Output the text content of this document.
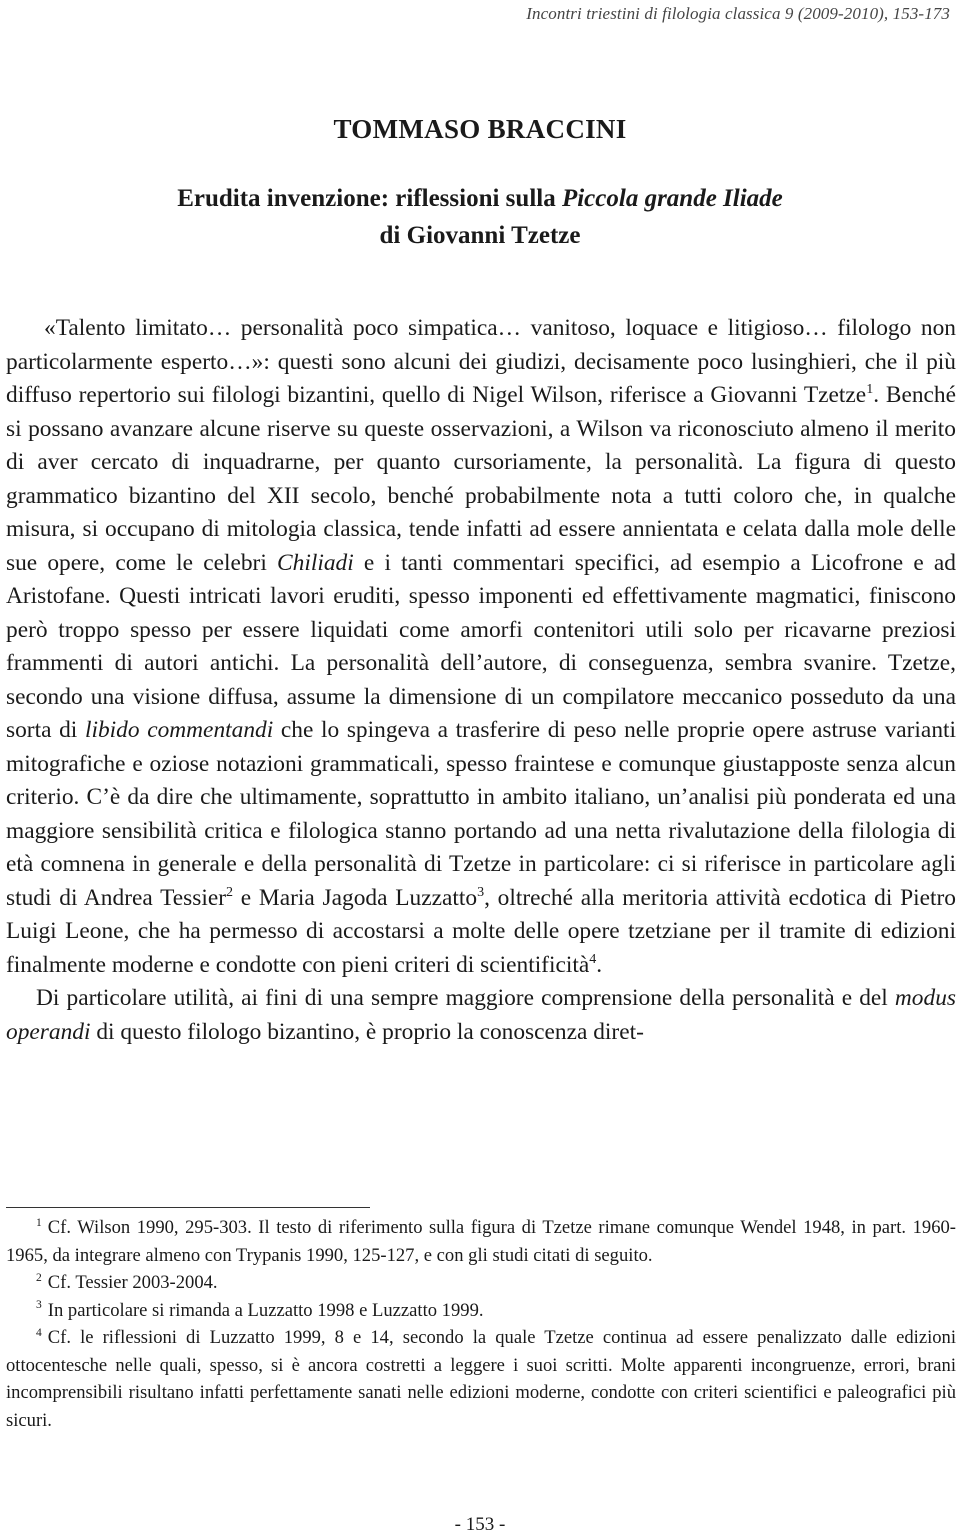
Incontri triestini di filologia classica 9 (2009-2010), 153-173
TOMMASO BRACCINI
Erudita invenzione: riflessioni sulla Piccola grande Iliade
di Giovanni Tzetze

«Talento limitato… personalità poco simpatica… vanitoso, loquace e litigioso… filologo non particolarmente esperto…»: questi sono alcuni dei giudizi, decisamente poco lusinghieri, che il più diffuso repertorio sui filologi bizantini, quello di Nigel Wilson, riferisce a Giovanni Tzetze$^1$. Benché si possano avanzare alcune riserve su queste osservazioni, a Wilson va riconosciuto almeno il merito di aver cercato di inquadrarne, per quanto cursoriamente, la personalità. La figura di questo grammatico bizantino del XII secolo, benché probabilmente nota a tutti coloro che, in qualche misura, si occupano di mitologia classica, tende infatti ad essere annientata e celata dalla mole delle sue opere, come le celebri Chiliadi e i tanti commentari specifici, ad esempio a Licofrone e ad Aristofane. Questi intricati lavori eruditi, spesso imponenti ed effettivamente magmatici, finiscono però troppo spesso per essere liquidati come amorfi contenitori utili solo per ricavarne preziosi frammenti di autori antichi. La personalità dell’autore, di conseguenza, sembra svanire. Tzetze, secondo una visione diffusa, assume la dimensione di un compilatore meccanico posseduto da una sorta di libido commentandi che lo spingeva a trasferire di peso nelle proprie opere astruse varianti mitografiche e oziose notazioni grammaticali, spesso fraintese e comunque giustapposte senza alcun criterio. C’è da dire che ultimamente, soprattutto in ambito italiano, un’analisi più ponderata ed una maggiore sensibilità critica e filologica stanno portando ad una netta rivalutazione della filologia di età comnena in generale e della personalità di Tzetze in particolare: ci si riferisce in particolare agli studi di Andrea Tessier$^2$ e Maria Jagoda Luzzatto$^3$, oltreché alla meritoria attività ecdotica di Pietro Luigi Leone, che ha permesso di accostarsi a molte delle opere tzetziane per il tramite di edizioni finalmente moderne e condotte con pieni criteri di scientificità$^4$.

Di particolare utilità, ai fini di una sempre maggiore comprensione della personalità e del modus operandi di questo filologo bizantino, è proprio la conoscenza diret-

$^1$ Cf. Wilson 1990, 295-303. Il testo di riferimento sulla figura di Tzetze rimane comunque Wendel 1948, in part. 1960-1965, da integrare almeno con Trypanis 1990, 125-127, e con gli studi citati di seguito.

$^2$ Cf. Tessier 2003-2004.

$^3$ In particolare si rimanda a Luzzatto 1998 e Luzzatto 1999.

$^4$ Cf. le riflessioni di Luzzatto 1999, 8 e 14, secondo la quale Tzetze continua ad essere penalizzato dalle edizioni ottocentesche nelle quali, spesso, si è ancora costretti a leggere i suoi scritti. Molte apparenti incongruenze, errori, brani incomprensibili risultano infatti perfettamente sanati nelle edizioni moderne, condotte con criteri scientifici e paleografici più sicuri.

- 153 -
